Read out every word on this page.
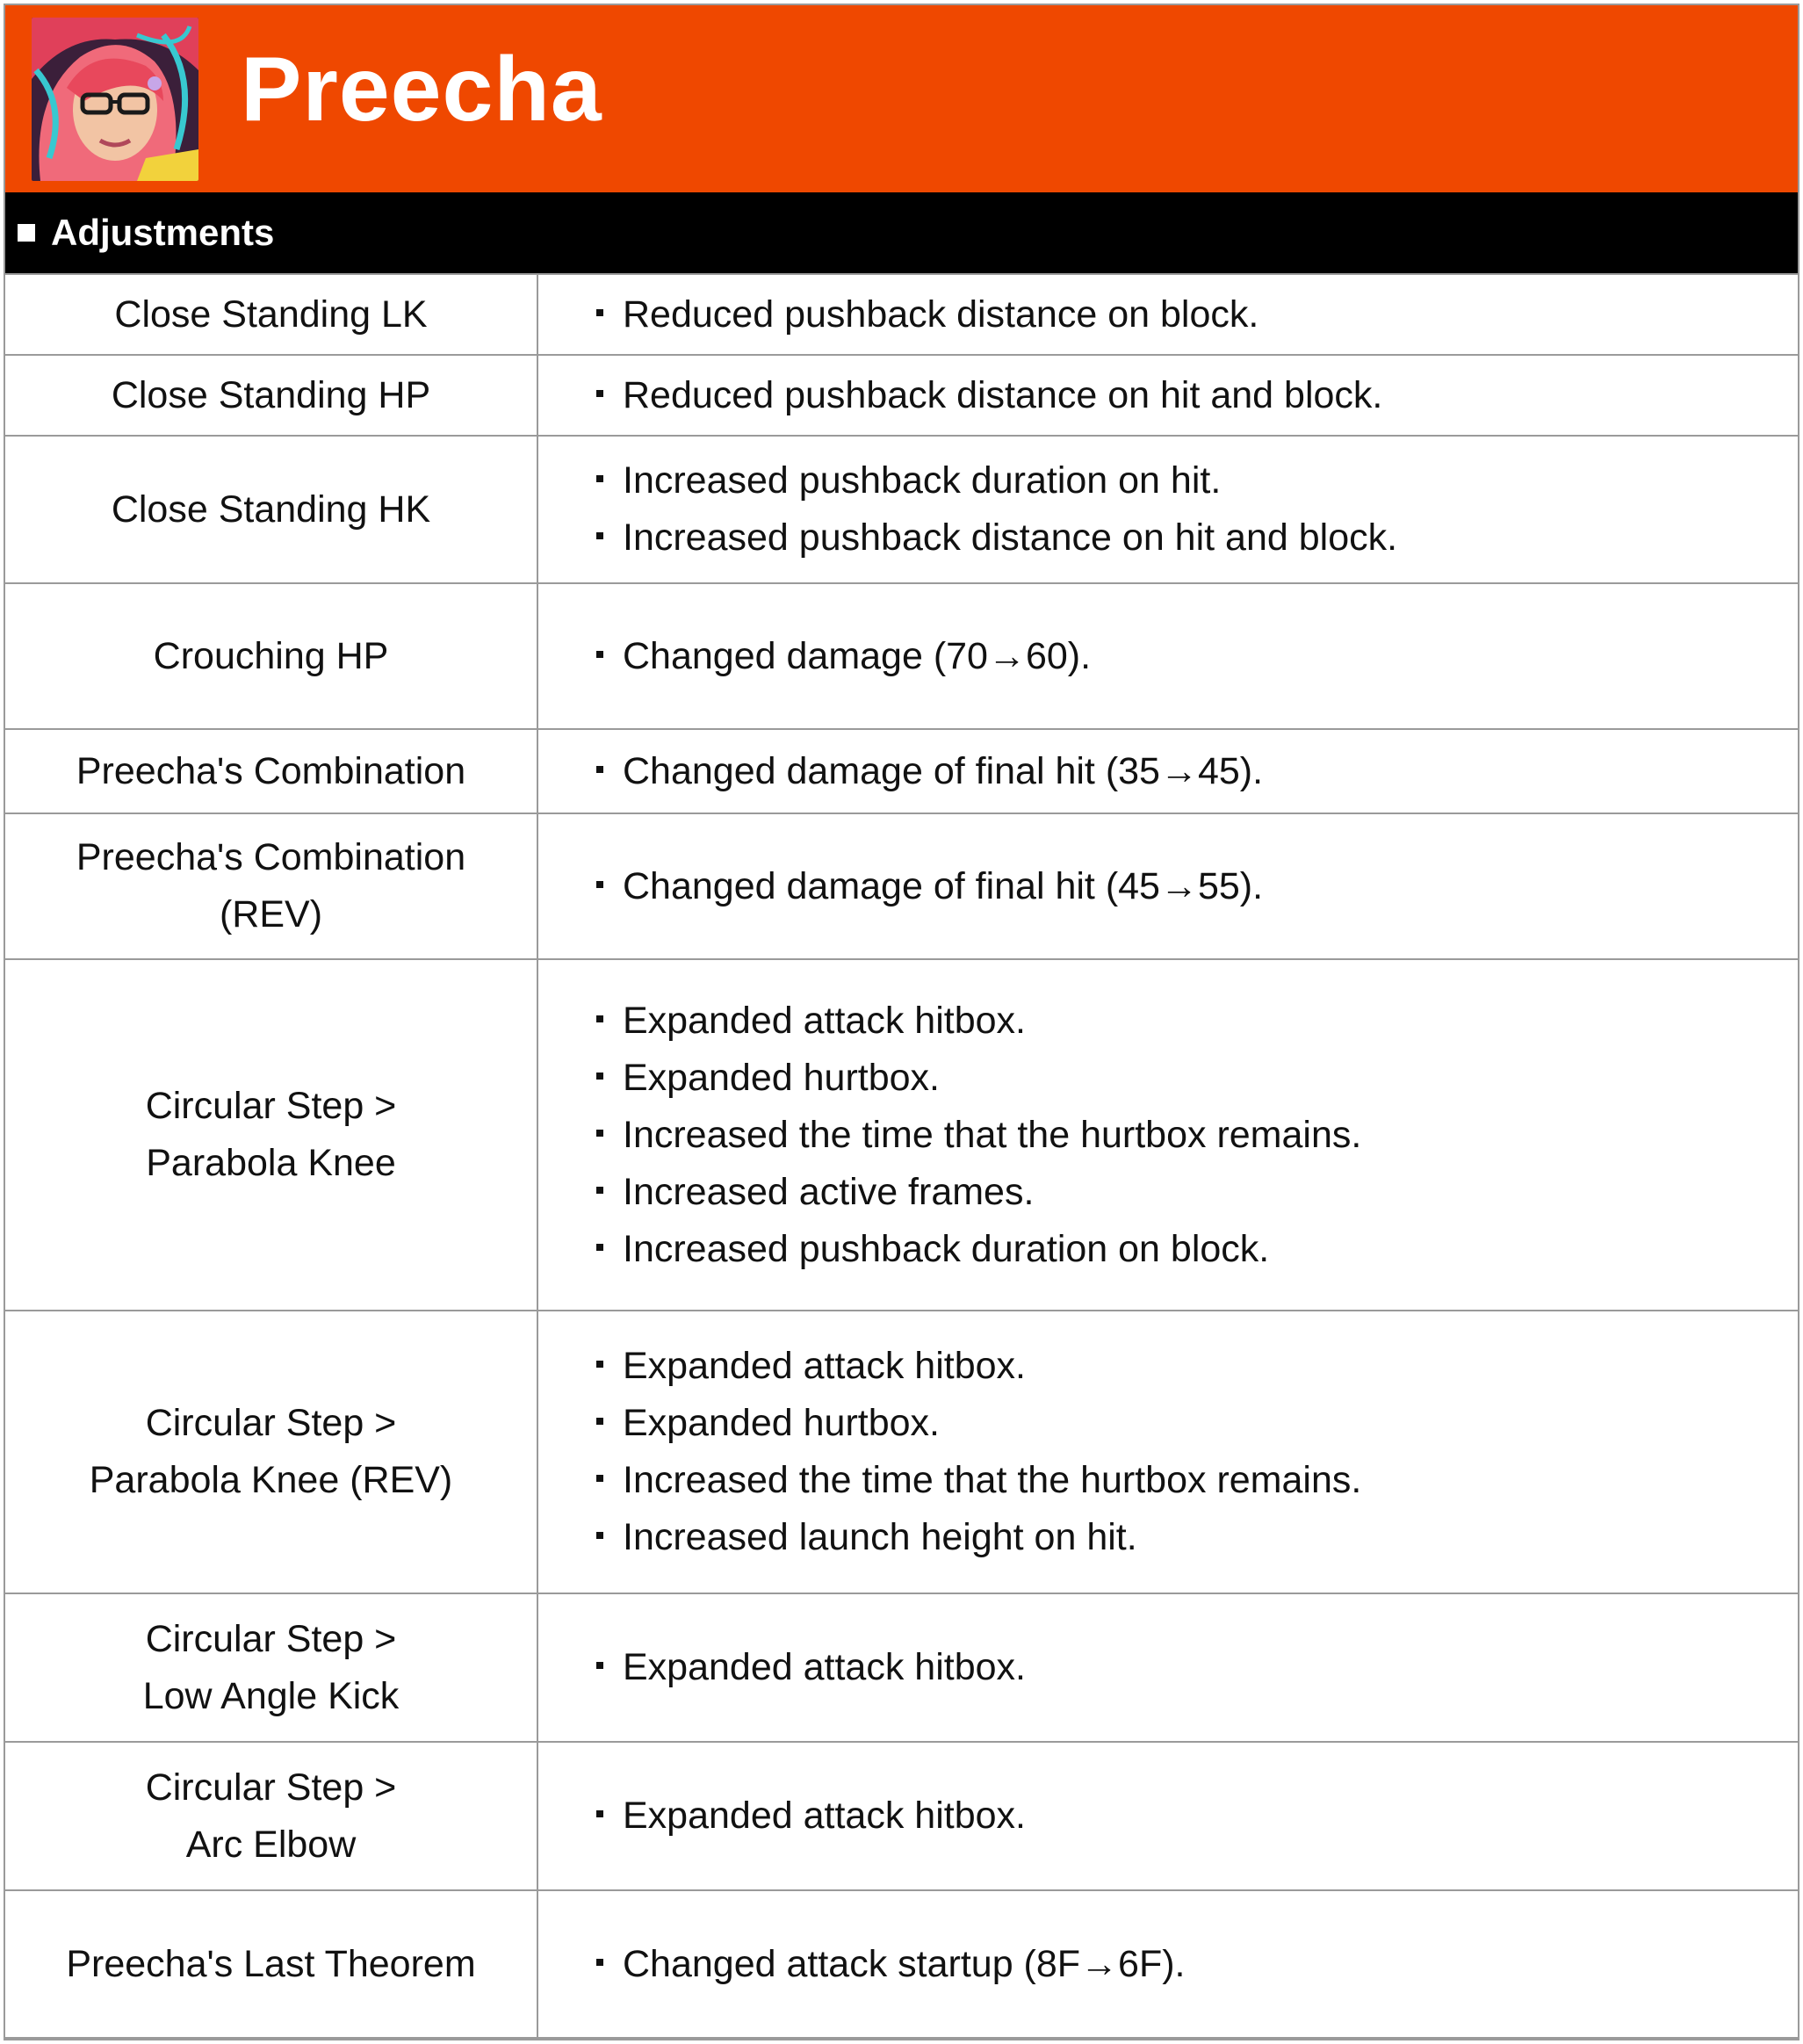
Preecha
Adjustments
Close Standing LK	Reduced pushback distance on block.

Close Standing HP	Reduced pushback distance on hit and block.

Close Standing HK	Increased pushback duration on hit.
Increased pushback distance on hit and block.

Crouching HP	Changed damage (70→60).

Preecha's Combination	Changed damage of final hit (35→45).

Preecha's Combination
(REV)	Changed damage of final hit (45→55).

Circular Step >
Parabola Knee	Expanded attack hitbox.
Expanded hurtbox.
Increased the time that the hurtbox remains.
Increased active frames.
Increased pushback duration on block.

Circular Step >
Parabola Knee (REV)	Expanded attack hitbox.
Expanded hurtbox.
Increased the time that the hurtbox remains.
Increased launch height on hit.

Circular Step >
Low Angle Kick	Expanded attack hitbox.

Circular Step >
Arc Elbow	Expanded attack hitbox.

Preecha's Last Theorem	Changed attack startup (8F→6F).
